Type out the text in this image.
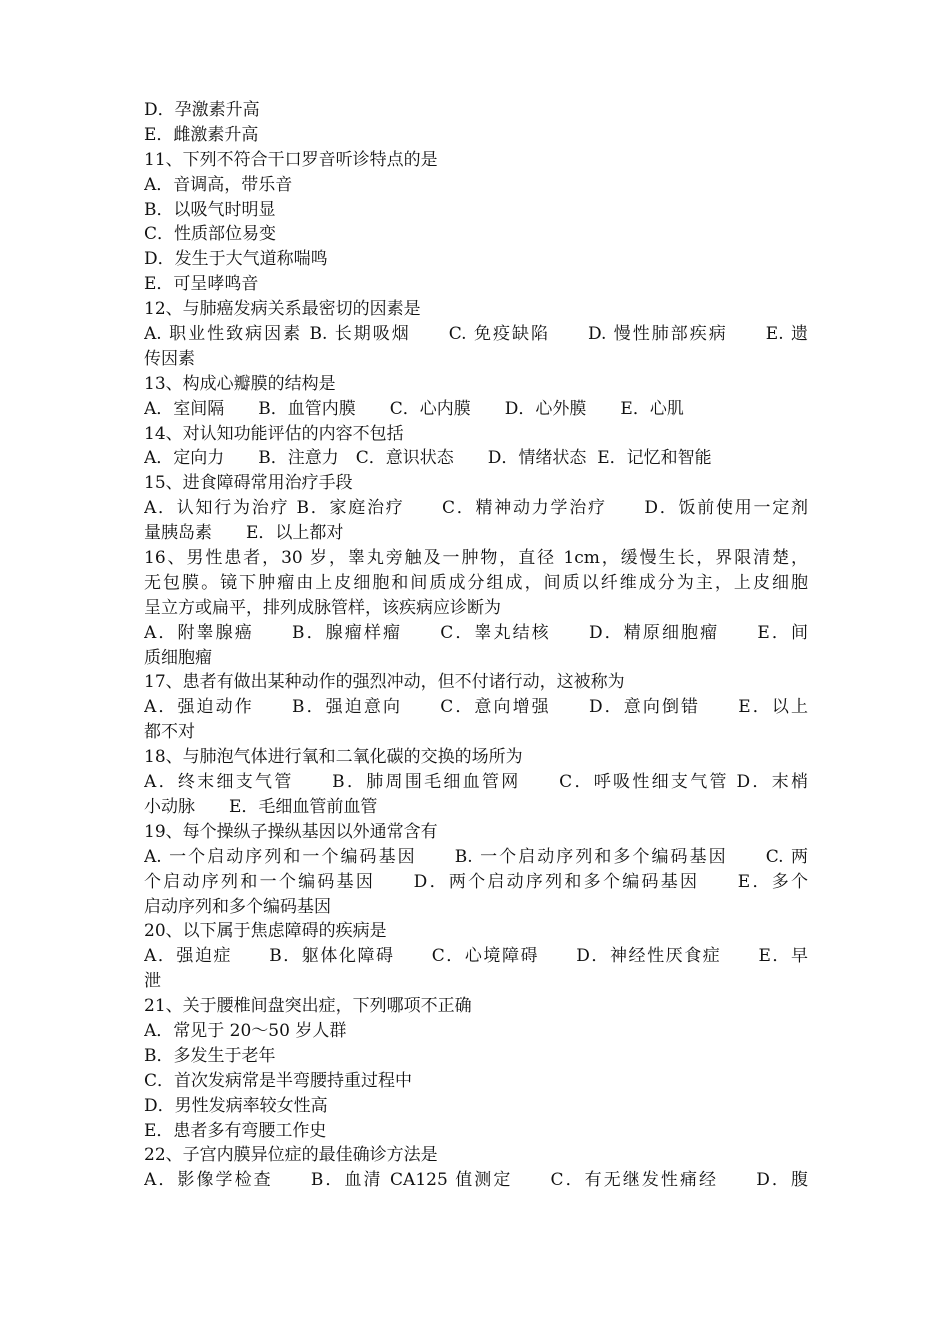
D．孕激素升高
E．雌激素升高
11、下列不符合干口罗音听诊特点的是
A．音调高，带乐音
B．以吸气时明显
C．性质部位易变
D．发生于大气道称喘鸣
E．可呈哮鸣音
12、与肺癌发病关系最密切的因素是
A. 职业性致病因素 B. 长期吸烟　　C. 免疫缺陷　　D. 慢性肺部疾病　　E. 遗
传因素
13、构成心瓣膜的结构是
A．室间隔　　B．血管内膜　　C．心内膜　　D．心外膜　　E．心肌
14、对认知功能评估的内容不包括
A．定向力　　B．注意力　C．意识状态　　D．情绪状态  E．记忆和智能
15、进食障碍常用治疗手段
A．认知行为治疗 B．家庭治疗　　C．精神动力学治疗　　D．饭前使用一定剂
量胰岛素　　E．以上都对
16、男性患者，30 岁，睾丸旁触及一肿物，直径 1cm，缓慢生长，界限清楚，
无包膜。镜下肿瘤由上皮细胞和间质成分组成，间质以纤维成分为主，上皮细胞
呈立方或扁平，排列成脉管样，该疾病应诊断为
A．附睾腺癌　　B．腺瘤样瘤　　C．睾丸结核　　D．精原细胞瘤　　E．间
质细胞瘤
17、患者有做出某种动作的强烈冲动，但不付诸行动，这被称为
A．强迫动作　　B．强迫意向　　C．意向增强　　D．意向倒错　　E．以上
都不对
18、与肺泡气体进行氧和二氧化碳的交换的场所为
A．终末细支气管　　B．肺周围毛细血管网　　C．呼吸性细支气管 D．末梢
小动脉　　E．毛细血管前血管
19、每个操纵子操纵基因以外通常含有
A. 一个启动序列和一个编码基因　　B. 一个启动序列和多个编码基因　　C. 两
个启动序列和一个编码基因　　D．两个启动序列和多个编码基因　　E．多个
启动序列和多个编码基因
20、以下属于焦虑障碍的疾病是
A．强迫症　　B．躯体化障碍　　C．心境障碍　　D．神经性厌食症　　E．早
泄
21、关于腰椎间盘突出症，下列哪项不正确
A．常见于 20～50 岁人群
B．多发生于老年
C．首次发病常是半弯腰持重过程中
D．男性发病率较女性高
E．患者多有弯腰工作史
22、子宫内膜异位症的最佳确诊方法是
A．影像学检查　　B．血清 CA125 值测定　　C．有无继发性痛经　　D．腹
